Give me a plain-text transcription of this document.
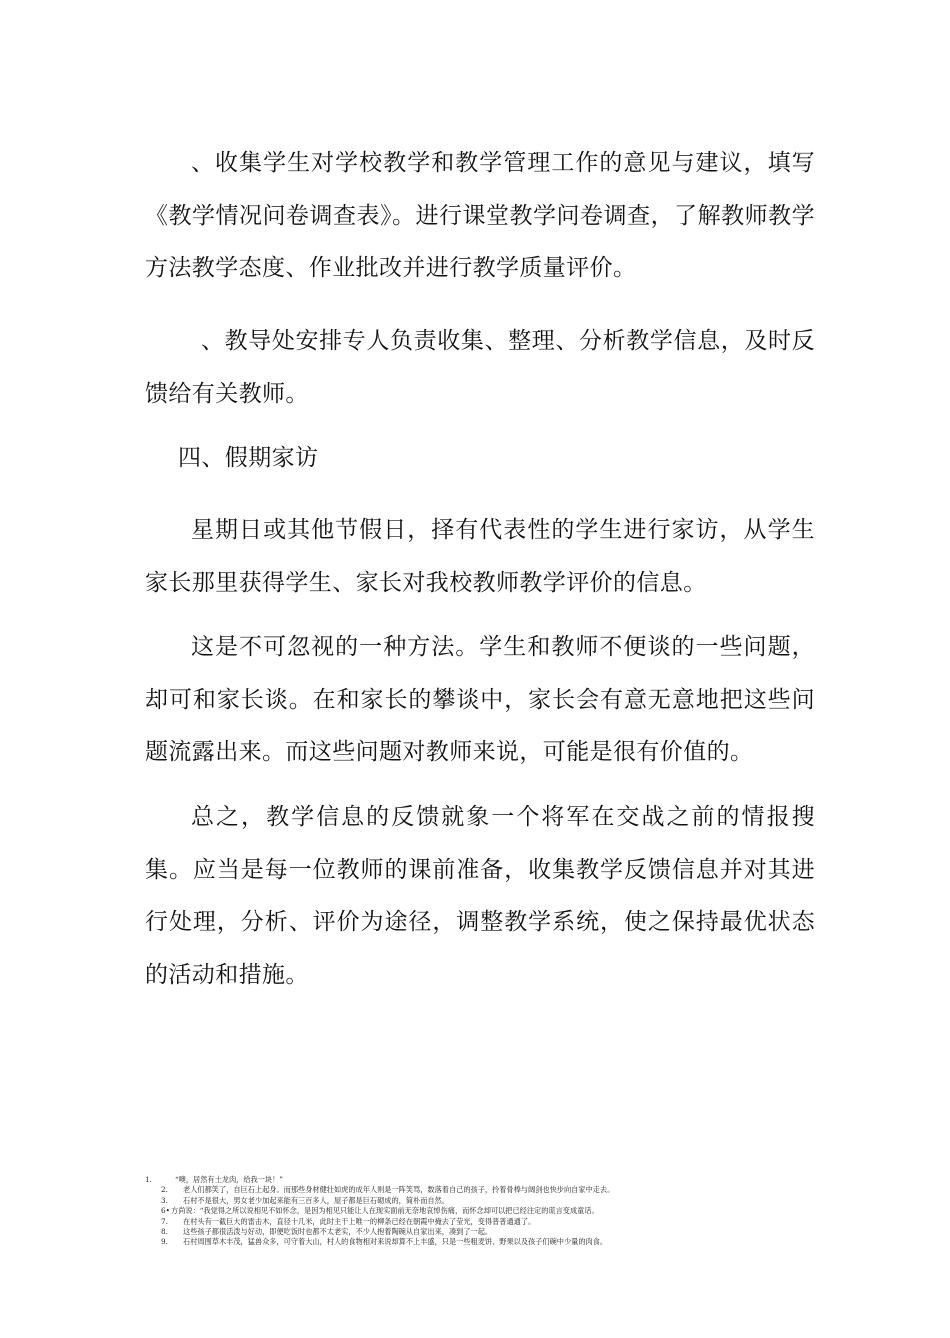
、收集学生对学校教学和教学管理工作的意见与建议，填写《教学情况问卷调查表》。进行课堂教学问卷调查，了解教师教学方法教学态度、作业批改并进行教学质量评价。

、教导处安排专人负责收集、整理、分析教学信息，及时反馈给有关教师。

四、假期家访

星期日或其他节假日，择有代表性的学生进行家访，从学生家长那里获得学生、家长对我校教师教学评价的信息。

这是不可忽视的一种方法。学生和教师不便谈的一些问题，却可和家长谈。在和家长的攀谈中，家长会有意无意地把这些问题流露出来。而这些问题对教师来说，可能是很有价值的。

总之，教学信息的反馈就象一个将军在交战之前的情报搜集。应当是每一位教师的课前准备，收集教学反馈信息并对其进行处理，分析、评价为途径，调整教学系统，使之保持最优状态的活动和措施。

1.	“噢，居然有土龙肉，给我一块！”
2.	老人们都笑了，自巨石上起身。而那些身材健壮如虎的成年人则是一阵笑骂，数落着自己的孩子，拎着骨棒与阔剑也快步向自家中走去。
3.	石村不是很大，男女老少加起来能有三百多人，屋子都是巨石砌成的，简朴而自然。
6• 方尚说：“我觉得之所以说相见不如怀念，是因为相见只能让人在现实面前无奈地哀悼伤痛，而怀念却可以把已经注定的谎言变成童话。
7.	在村头有一截巨大的雷击木，直径十几米，此时主干上唯一的柳条已经在朝霞中掩去了莹光，变得普普通通了。
8.	这些孩子都很活泼与好动，即便吃饭时也都不太老实，不少人抱着陶碗从自家出来，凑到了一起。
9.	石村周围草木丰茂，猛兽众多，可守着大山，村人的食物相对来说却算不上丰盛，只是一些粗麦饼、野果以及孩子们碗中少量的肉食。
